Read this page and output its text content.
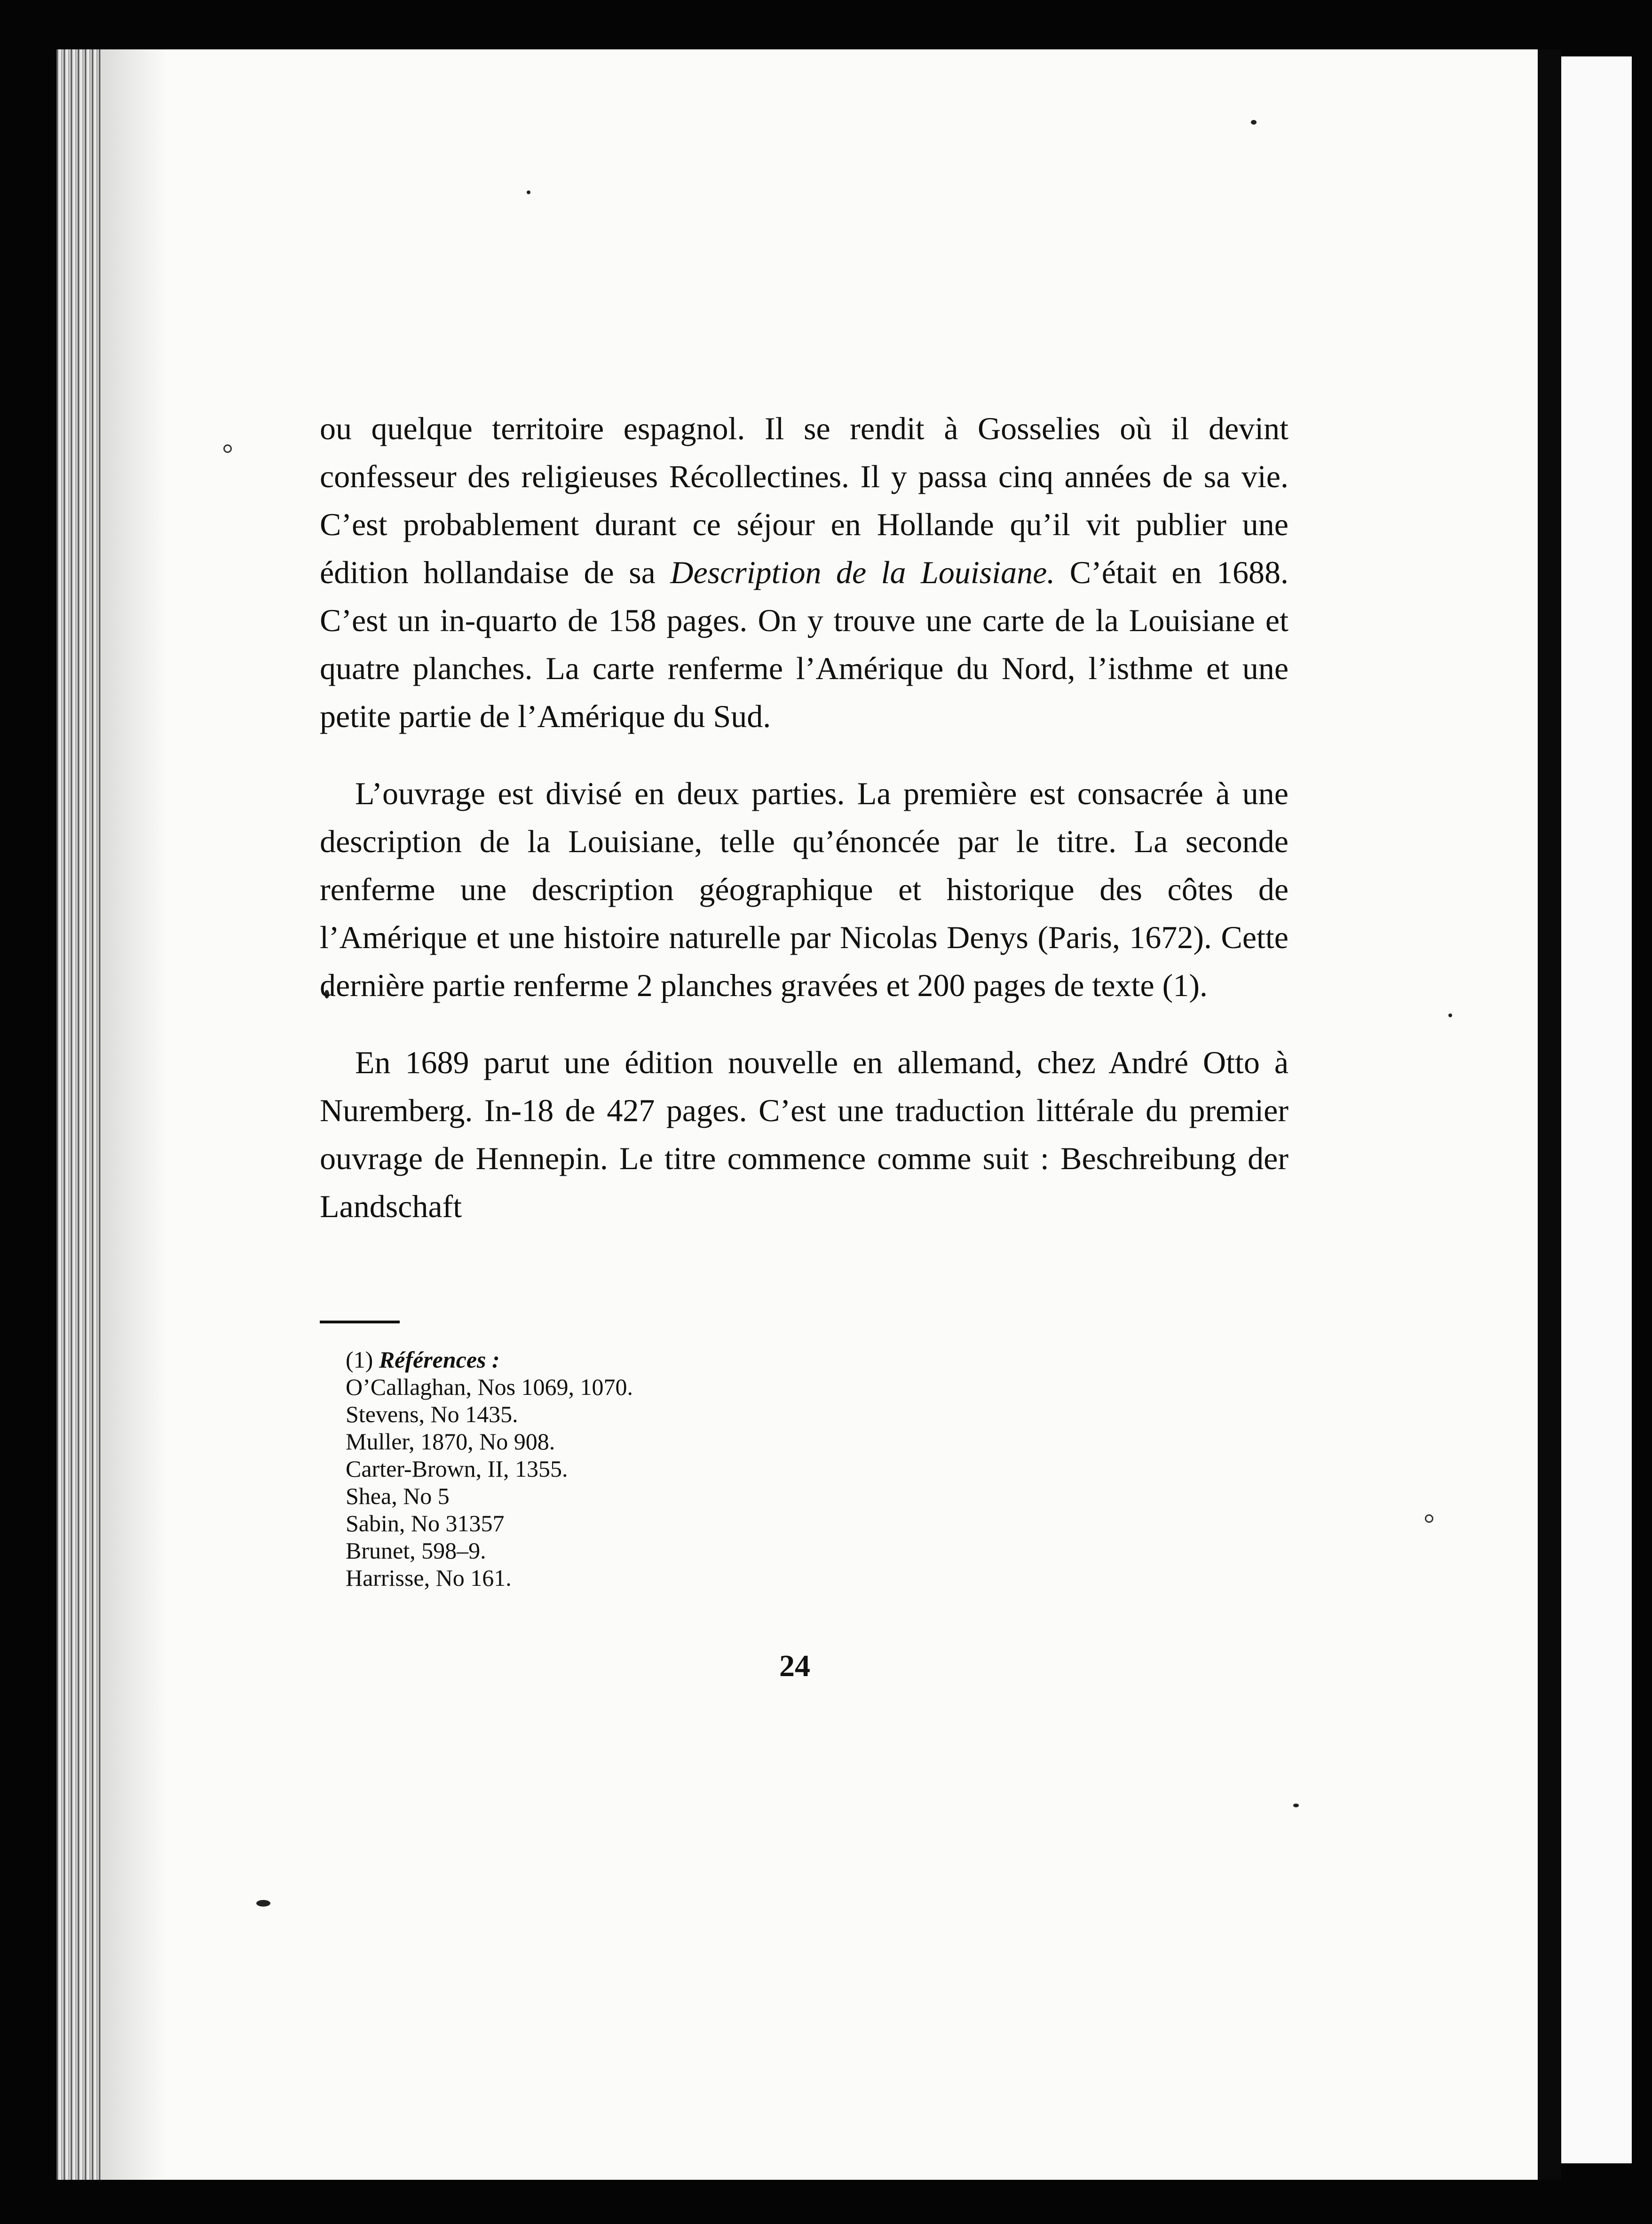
ou quelque territoire espagnol. Il se rendit à Gosselies où il devint confesseur des religieuses Récollectines. Il y passa cinq années de sa vie. C’est probablement durant ce séjour en Hollande qu’il vit publier une édition hollandaise de sa Description de la Louisiane. C’était en 1688. C’est un in-quarto de 158 pages. On y trouve une carte de la Louisiane et quatre planches. La carte renferme l’Amérique du Nord, l’isthme et une petite partie de l’Amérique du Sud.

L’ouvrage est divisé en deux parties. La première est consacrée à une description de la Louisiane, telle qu’énoncée par le titre. La seconde renferme une description géographique et historique des côtes de l’Amérique et une histoire naturelle par Nicolas Denys (Paris, 1672). Cette dernière partie renferme 2 planches gravées et 200 pages de texte (1).

En 1689 parut une édition nouvelle en allemand, chez André Otto à Nuremberg. In-18 de 427 pages. C’est une traduction littérale du premier ouvrage de Hennepin. Le titre commence comme suit : Beschreibung der Landschaft

(1) Références :
O’Callaghan, Nos 1069, 1070.
Stevens, No 1435.
Muller, 1870, No 908.
Carter-Brown, II, 1355.
Shea, No 5
Sabin, No 31357
Brunet, 598–9.
Harrisse, No 161.
24
